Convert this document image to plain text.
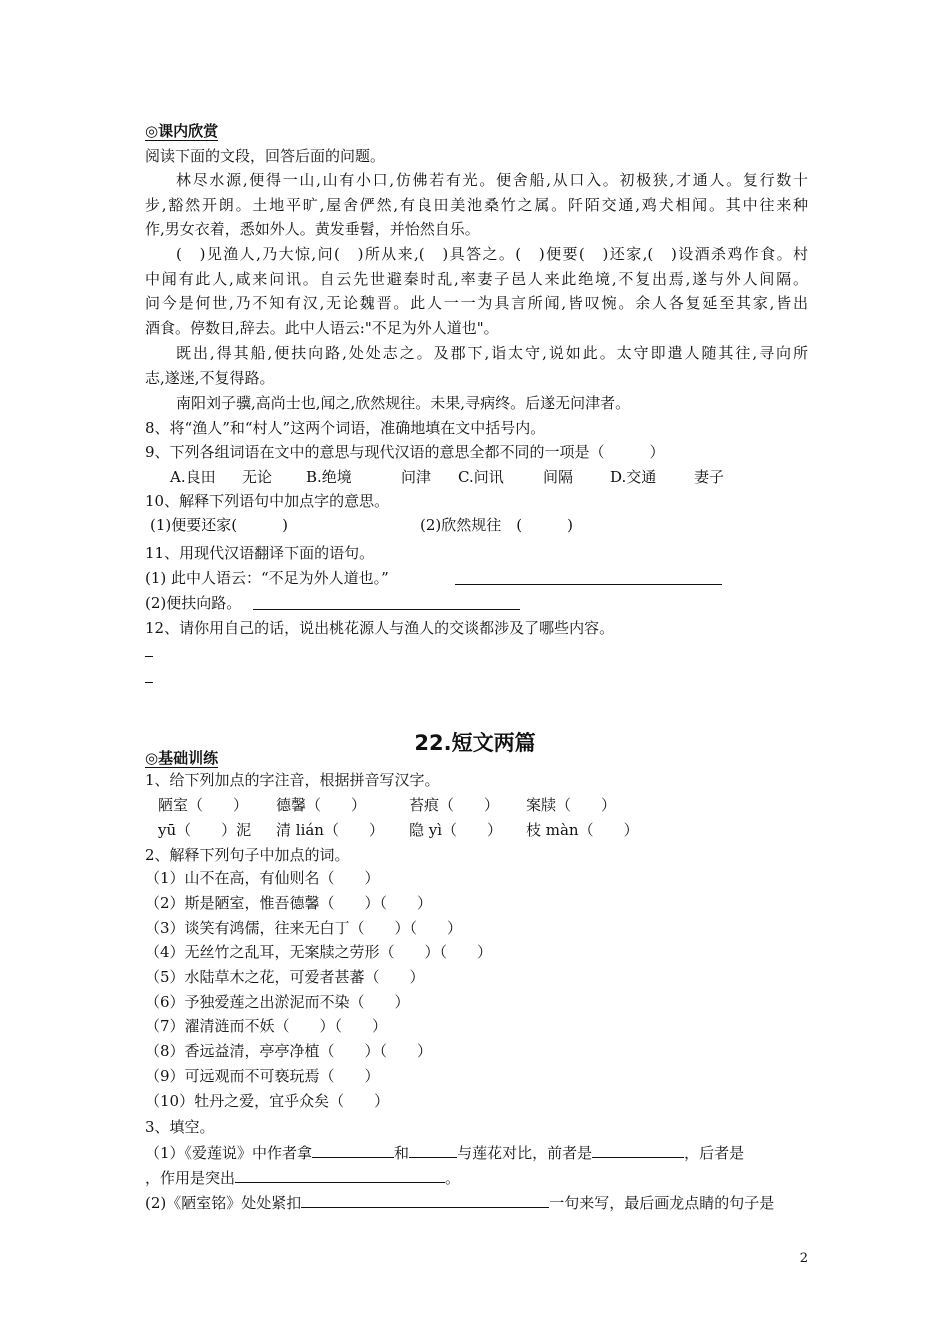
◎课内欣赏
阅读下面的文段，回答后面的问题。
林尽水源,便得一山,山有小口,仿佛若有光。便舍船,从口入。初极狭,才通人。复行数十
步,豁然开朗。土地平旷,屋舍俨然,有良田美池桑竹之属。阡陌交通,鸡犬相闻。其中往来种
作,男女衣着，悉如外人。黄发垂髫，并怡然自乐。
(　)见渔人,乃大惊,问(　)所从来,(　)具答之。(　)便要(　)还家,(　)设酒杀鸡作食。村
中闻有此人,咸来问讯。自云先世避秦时乱,率妻子邑人来此绝境,不复出焉,遂与外人间隔。
问今是何世,乃不知有汉,无论魏晋。此人一一为具言所闻,皆叹惋。余人各复延至其家,皆出
酒食。停数日,辞去。此中人语云:"不足为外人道也"。
既出,得其船,便扶向路,处处志之。及郡下,诣太守,说如此。太守即遣人随其往,寻向所
志,遂迷,不复得路。
南阳刘子骥,高尚士也,闻之,欣然规往。未果,寻病终。后遂无问津者。
8、将“渔人”和“村人”这两个词语，准确地填在文中括号内。
9、下列各组词语在文中的意思与现代汉语的意思全都不同的一项是（　　　）
A.良田 无论 B.绝境	问津 C.问讯	间隔 D.交通	妻子
10、解释下列语句中加点字的意思。
(1)便要还家(　　　)	(2)欣然规往　(　　　)
11、用现代汉语翻译下面的语句。
(1) 此中人语云：“不足为外人道也。”
(2)便扶向路。
12、请你用自己的话，说出桃花源人与渔人的交谈都涉及了哪些内容。
22.短文两篇
◎基础训练
1、给下列加点的字注音，根据拼音写汉字。
陋室（　　） 德馨（　　）	苔痕（　　） 案牍（　　）
yū（　　）泥 清 lián（　　） 隐 yì（　　） 枝 màn（　　）
2、解释下列句子中加点的词。
（1）山不在高，有仙则名（　　）
（2）斯是陋室，惟吾德馨（　　）（　　）
（3）谈笑有鸿儒，往来无白丁（　　）（　　）
（4）无丝竹之乱耳，无案牍之劳形（　　）（　　）
（5）水陆草木之花，可爱者甚蕃（　　）
（6）予独爱莲之出淤泥而不染（　　）
（7）濯清涟而不妖（　　）（　　）
（8）香远益清，亭亭净植（　　）（　　）
（9）可远观而不可亵玩焉（　　）
（10）牡丹之爱，宜乎众矣（　　）
3、填空。
（1）《爱莲说》中作者拿	和	与莲花对比，前者是	，后者是
，作用是突出	。
(2)《陋室铭》处处紧扣	一句来写，最后画龙点睛的句子是
2
